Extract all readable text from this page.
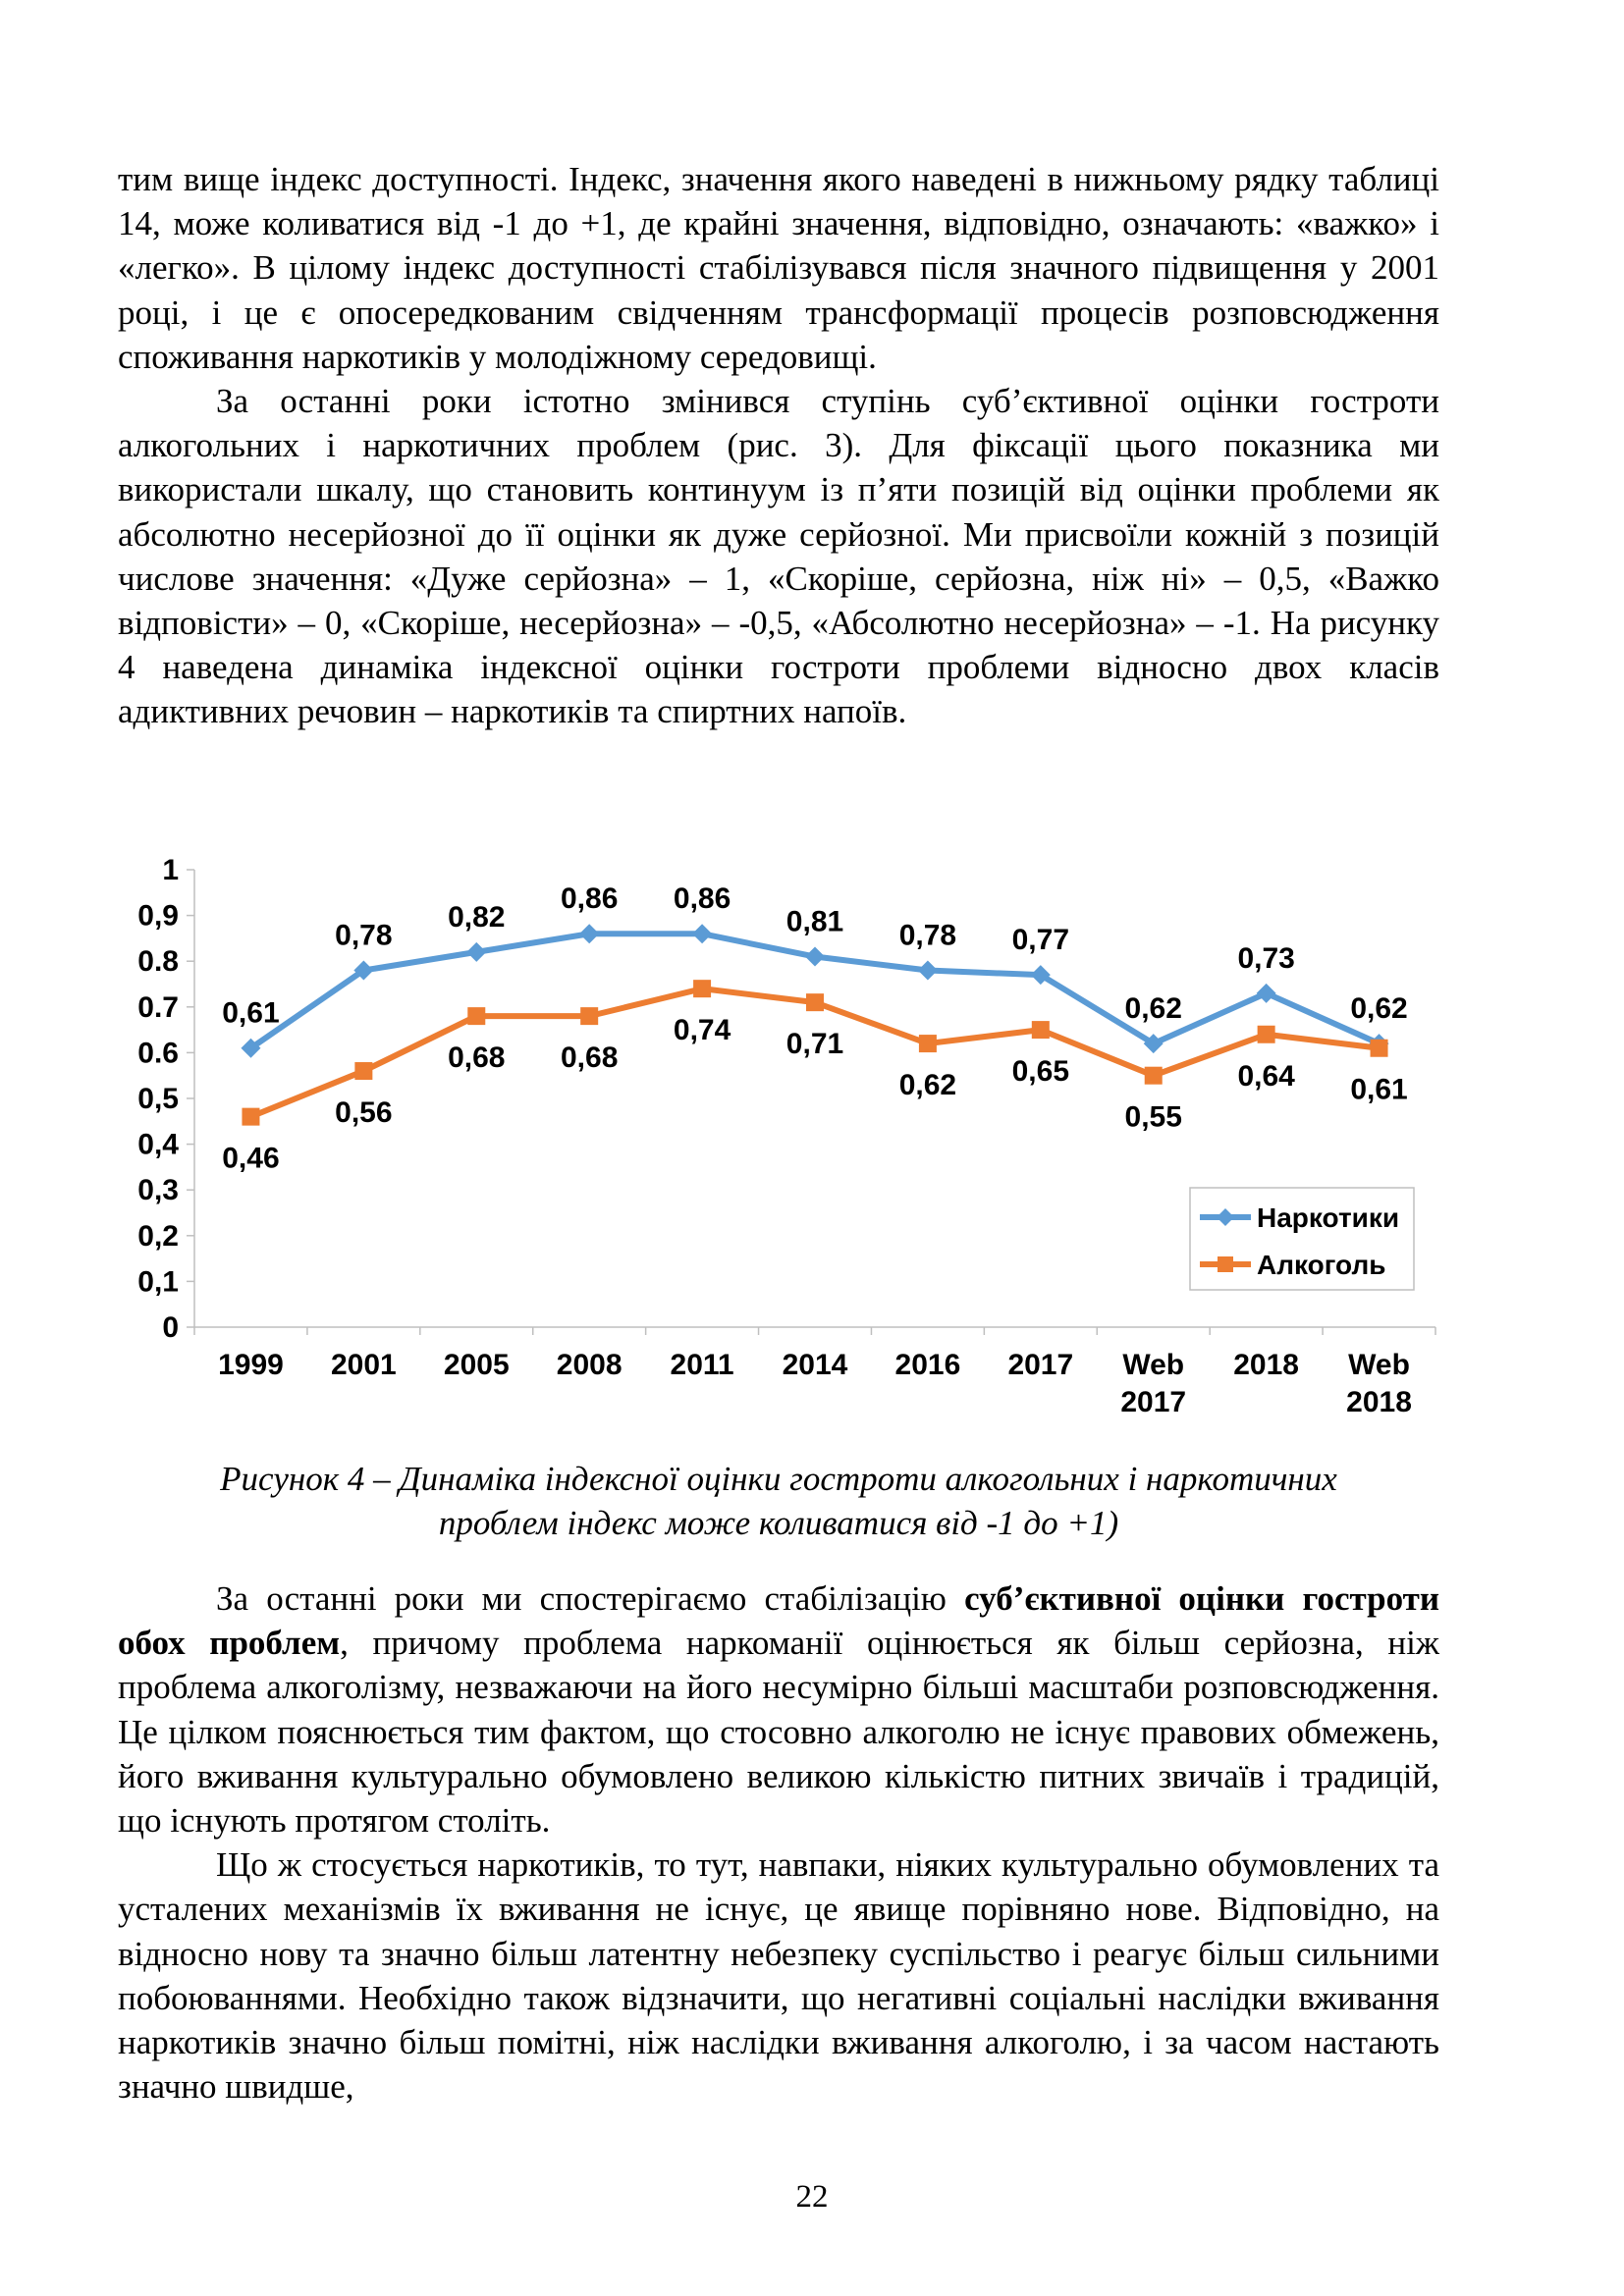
тим вище індекс доступності. Індекс, значення якого наведені в нижньому рядку таблиці 14, може коливатися від -1 до +1, де крайні значення, відповідно, означають: «важко» і «легко». В цілому індекс доступності стабілізувався після значного підвищення у 2001 році, і це є опосередкованим свідченням трансформації процесів розповсюдження споживання наркотиків у молодіжному середовищі.

За останні роки істотно змінився ступінь суб’єктивної оцінки гостроти алкогольних і наркотичних проблем (рис. 3). Для фіксації цього показника ми використали шкалу, що становить континуум із п’яти позицій від оцінки проблеми як абсолютно несерйозної до її оцінки як дуже серйозної. Ми присвоїли кожній з позицій числове значення: «Дуже серйозна» – 1, «Скоріше, серйозна, ніж ні» – 0,5, «Важко відповісти» – 0, «Скоріше, несерйозна» – -0,5, «Абсолютно несерйозна» – -1. На рисунку 4 наведена динаміка індексної оцінки гостроти проблеми відносно двох класів адиктивних речовин – наркотиків та спиртних напоїв.

0
0,1
0,2
0,3
0,4
0,5
0.6
0.7
0.8
0,9
1
1999 2001 2005 2008 2011 2014 2016 2017 Web
2017
2018 Web
2018
0,61
0,78
0,82
0,86 0,86
0,81 0,78 0,77
0,62
0,73
0,62
0,46
0,56
0,68 0,68
0,74 0,71
0,62 0,65
0,55
0,64 0,61
Наркотики
Алкоголь

Рисунок 4 – Динаміка індексної оцінки гостроти алкогольних і наркотичних
проблем індекс може коливатися від -1 до +1)

За останні роки ми спостерігаємо стабілізацію суб’єктивної оцінки гостроти обох проблем, причому проблема наркоманії оцінюється як більш серйозна, ніж проблема алкоголізму, незважаючи на його несумірно більші масштаби розповсюдження. Це цілком пояснюється тим фактом, що стосовно алкоголю не існує правових обмежень, його вживання культурально обумовлено великою кількістю питних звичаїв і традицій, що існують протягом століть.

Що ж стосується наркотиків, то тут, навпаки, ніяких культурально обумовлених та усталених механізмів їх вживання не існує, це явище порівняно нове. Відповідно, на відносно нову та значно більш латентну небезпеку суспільство і реагує більш сильними побоюваннями. Необхідно також відзначити, що негативні соціальні наслідки вживання наркотиків значно більш помітні, ніж наслідки вживання алкоголю, і за часом настають значно швидше,

22
